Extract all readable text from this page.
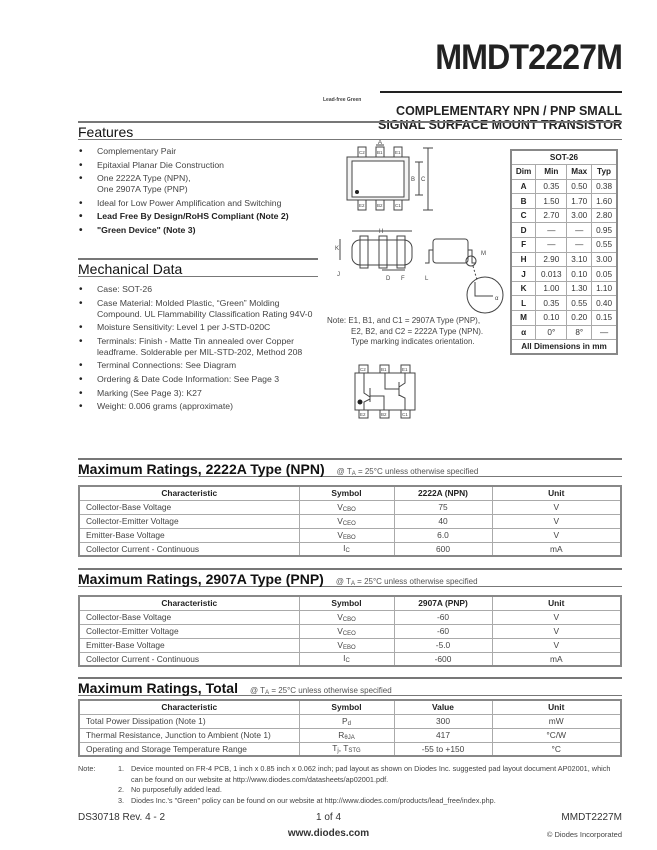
MMDT2227M
Lead-free Green
COMPLEMENTARY NPN / PNP SMALL
SIGNAL SURFACE MOUNT TRANSISTOR
Features
• Complementary Pair
• Epitaxial Planar Die Construction
• One 2222A Type (NPN),
One 2907A Type (PNP)
• Ideal for Low Power Amplification and Switching
• Lead Free By Design/RoHS Compliant (Note 2)
• "Green Device" (Note 3)
Mechanical Data
• Case: SOT-26
• Case Material: Molded Plastic, “Green” Molding Compound. UL Flammability Classification Rating 94V-0
• Moisture Sensitivity: Level 1 per J-STD-020C
• Terminals: Finish - Matte Tin annealed over Copper leadframe. Solderable per MIL-STD-202, Method 208
• Terminal Connections: See Diagram
• Ordering & Date Code Information: See Page 3
• Marking (See Page 3): K27
• Weight: 0.006 grams (approximate)
C2	B1	E1
E2	B2	C1
A
B C
H
K
J
D F	L
M
α
C2	B1	E1
E2	B2	C1
Note: E1, B1, and C1 = 2907A Type (PNP),
E2, B2, and C2 = 2222A Type (NPN).
Type marking indicates orientation.
SOT-26			
Dim	Min	Max	Typ
A	0.35	0.50	0.38
B	1.50	1.70	1.60
C	2.70	3.00	2.80
D	—	—	0.95
F	—	—	0.55
H	2.90	3.10	3.00
J	0.013	0.10	0.05
K	1.00	1.30	1.10
L	0.35	0.55	0.40
M	0.10	0.20	0.15
α	0°	8°	—
All Dimensions in mm			
Maximum Ratings, 2222A Type (NPN) @ $T_A = 25^\circ C$ unless otherwise specified
Characteristic	Symbol	2222A (NPN)	Unit
Collector-Base Voltage	$V_{CBO}$	75	V
Collector-Emitter Voltage	$V_{CEO}$	40	V
Emitter-Base Voltage	$V_{EBO}$	6.0	V
Collector Current - Continuous	$I_C$	600	mA
Maximum Ratings, 2907A Type (PNP) @ $T_A = 25^\circ C$ unless otherwise specified
Characteristic	Symbol	2907A (PNP)	Unit
Collector-Base Voltage	$V_{CBO}$	-60	V
Collector-Emitter Voltage	$V_{CEO}$	-60	V
Emitter-Base Voltage	$V_{EBO}$	-5.0	V
Collector Current - Continuous	$I_C$	-600	mA
Maximum Ratings, Total @ $T_A = 25^\circ C$ unless otherwise specified
Characteristic	Symbol	Value	Unit
Total Power Dissipation (Note 1)	$P_d$	300	mW
Thermal Resistance, Junction to Ambient (Note 1)	$R_{\theta JA}$	417	°C/W
Operating and Storage Temperature Range	$T_j$, $T_{STG}$	-55 to +150	°C
Note:	1. Device mounted on FR-4 PCB, 1 inch x 0.85 inch x 0.062 inch; pad layout as shown on Diodes Inc. suggested pad layout document AP02001, which can be found on our website at http://www.diodes.com/datasheets/ap02001.pdf.
2. No purposefully added lead.
3. Diodes Inc.'s "Green" policy can be found on our website at http://www.diodes.com/products/lead_free/index.php.
DS30718 Rev. 4 - 2	1 of 4	MMDT2227M
www.diodes.com	© Diodes Incorporated
